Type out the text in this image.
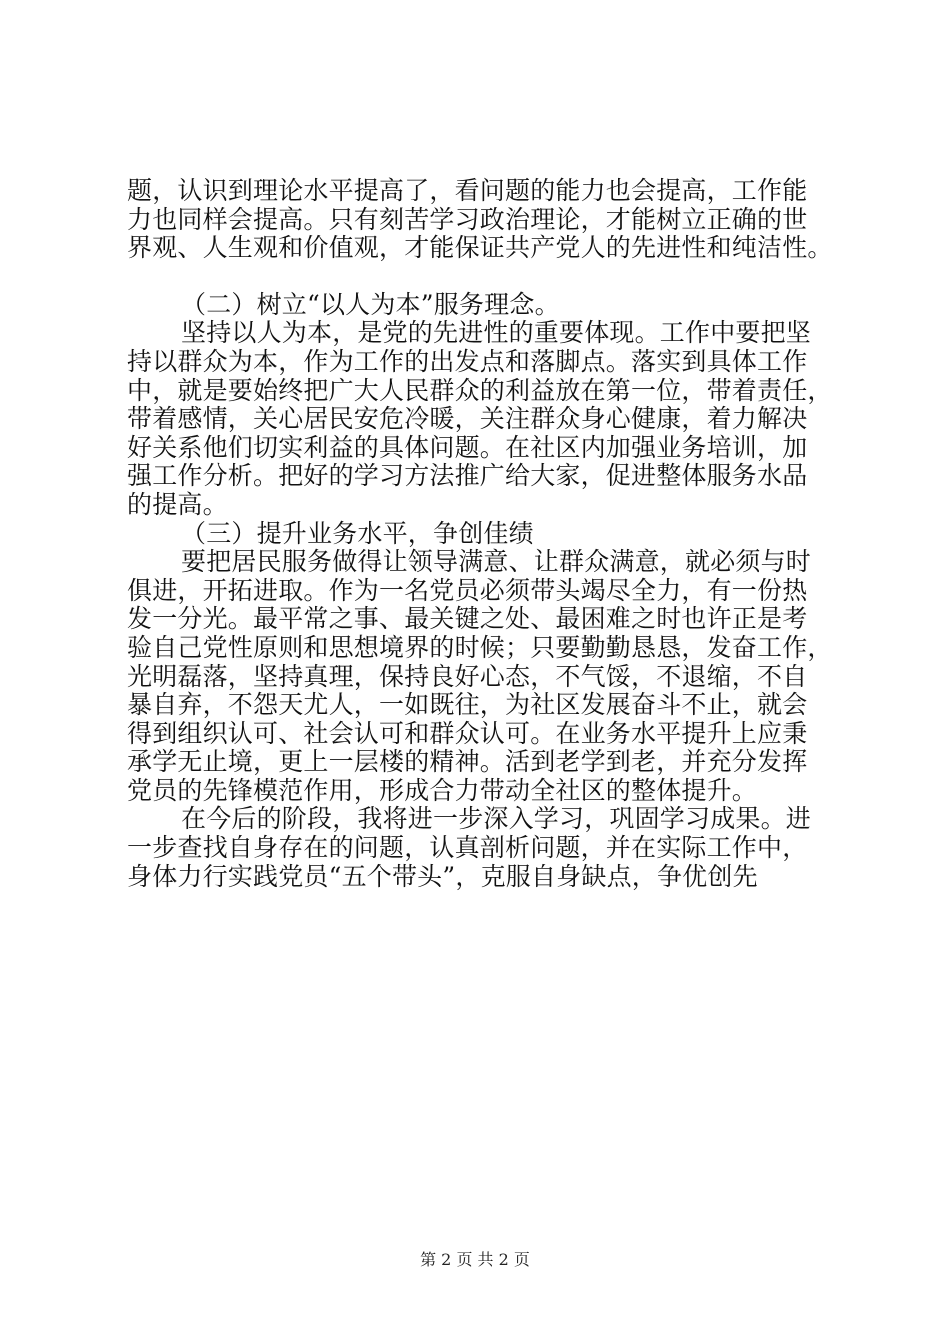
题，认识到理论水平提高了，看问题的能力也会提高，工作能
力也同样会提高。只有刻苦学习政治理论，才能树立正确的世
界观、人生观和价值观，才能保证共产党人的先进性和纯洁性。
（二）树立“以人为本”服务理念。
坚持以人为本，是党的先进性的重要体现。工作中要把坚
持以群众为本，作为工作的出发点和落脚点。落实到具体工作
中，就是要始终把广大人民群众的利益放在第一位，带着责任，
带着感情，关心居民安危冷暖，关注群众身心健康，着力解决
好关系他们切实利益的具体问题。在社区内加强业务培训，加
强工作分析。把好的学习方法推广给大家，促进整体服务水品
的提高。
（三）提升业务水平，争创佳绩
要把居民服务做得让领导满意、让群众满意，就必须与时
俱进，开拓进取。作为一名党员必须带头竭尽全力，有一份热
发一分光。最平常之事、最关键之处、最困难之时也许正是考
验自己党性原则和思想境界的时候；只要勤勤恳恳，发奋工作，
光明磊落，坚持真理，保持良好心态，不气馁，不退缩，不自
暴自弃，不怨天尤人，一如既往，为社区发展奋斗不止，就会
得到组织认可、社会认可和群众认可。在业务水平提升上应秉
承学无止境，更上一层楼的精神。活到老学到老，并充分发挥
党员的先锋模范作用，形成合力带动全社区的整体提升。
在今后的阶段，我将进一步深入学习，巩固学习成果。进
一步查找自身存在的问题，认真剖析问题，并在实际工作中，
身体力行实践党员“五个带头”，克服自身缺点，争优创先
第 2 页 共 2 页
